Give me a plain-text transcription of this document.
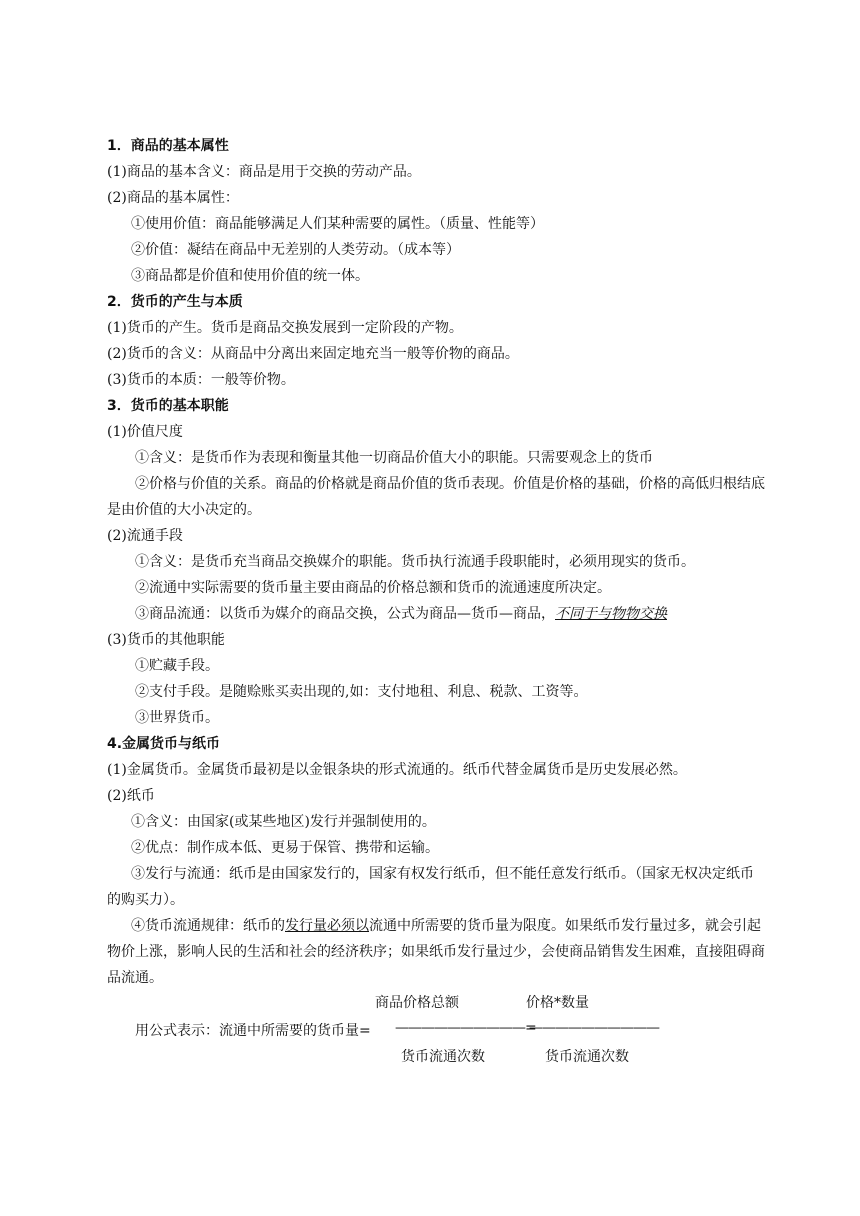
1．商品的基本属性
(1)商品的基本含义：商品是用于交换的劳动产品。
(2)商品的基本属性：
①使用价值：商品能够满足人们某种需要的属性。（质量、性能等）
②价值：凝结在商品中无差别的人类劳动。（成本等）
③商品都是价值和使用价值的统一体。
2．货币的产生与本质
(1)货币的产生。货币是商品交换发展到一定阶段的产物。
(2)货币的含义：从商品中分离出来固定地充当一般等价物的商品。
(3)货币的本质：一般等价物。
3．货币的基本职能
(1)价值尺度
①含义：是货币作为表现和衡量其他一切商品价值大小的职能。只需要观念上的货币
②价格与价值的关系。商品的价格就是商品价值的货币表现。价值是价格的基础，价格的高低归根结底是由价值的大小决定的。
(2)流通手段
①含义：是货币充当商品交换媒介的职能。货币执行流通手段职能时，必须用现实的货币。
②流通中实际需要的货币量主要由商品的价格总额和货币的流通速度所决定。
③商品流通：以货币为媒介的商品交换，公式为商品—货币—商品，不同于与物物交换
(3)货币的其他职能
①贮藏手段。
②支付手段。是随赊账买卖出现的,如：支付地租、利息、税款、工资等。
③世界货币。
4.金属货币与纸币
(1)金属货币。金属货币最初是以金银条块的形式流通的。纸币代替金属货币是历史发展必然。
(2)纸币
①含义：由国家(或某些地区)发行并强制使用的。
②优点：制作成本低、更易于保管、携带和运输。
③发行与流通：纸币是由国家发行的，国家有权发行纸币，但不能任意发行纸币。（国家无权决定纸币的购买力）。
④货币流通规律：纸币的发行量必须以流通中所需要的货币量为限度。如果纸币发行量过多，就会引起物价上涨，影响人民的生活和社会的经济秩序；如果纸币发行量过少，会使商品销售发生困难，直接阻碍商品流通。
商品价格总额	价格*数量
用公式表示：流通中所需要的货币量= ——————————=
——————————
货币流通次数	货币流通次数
